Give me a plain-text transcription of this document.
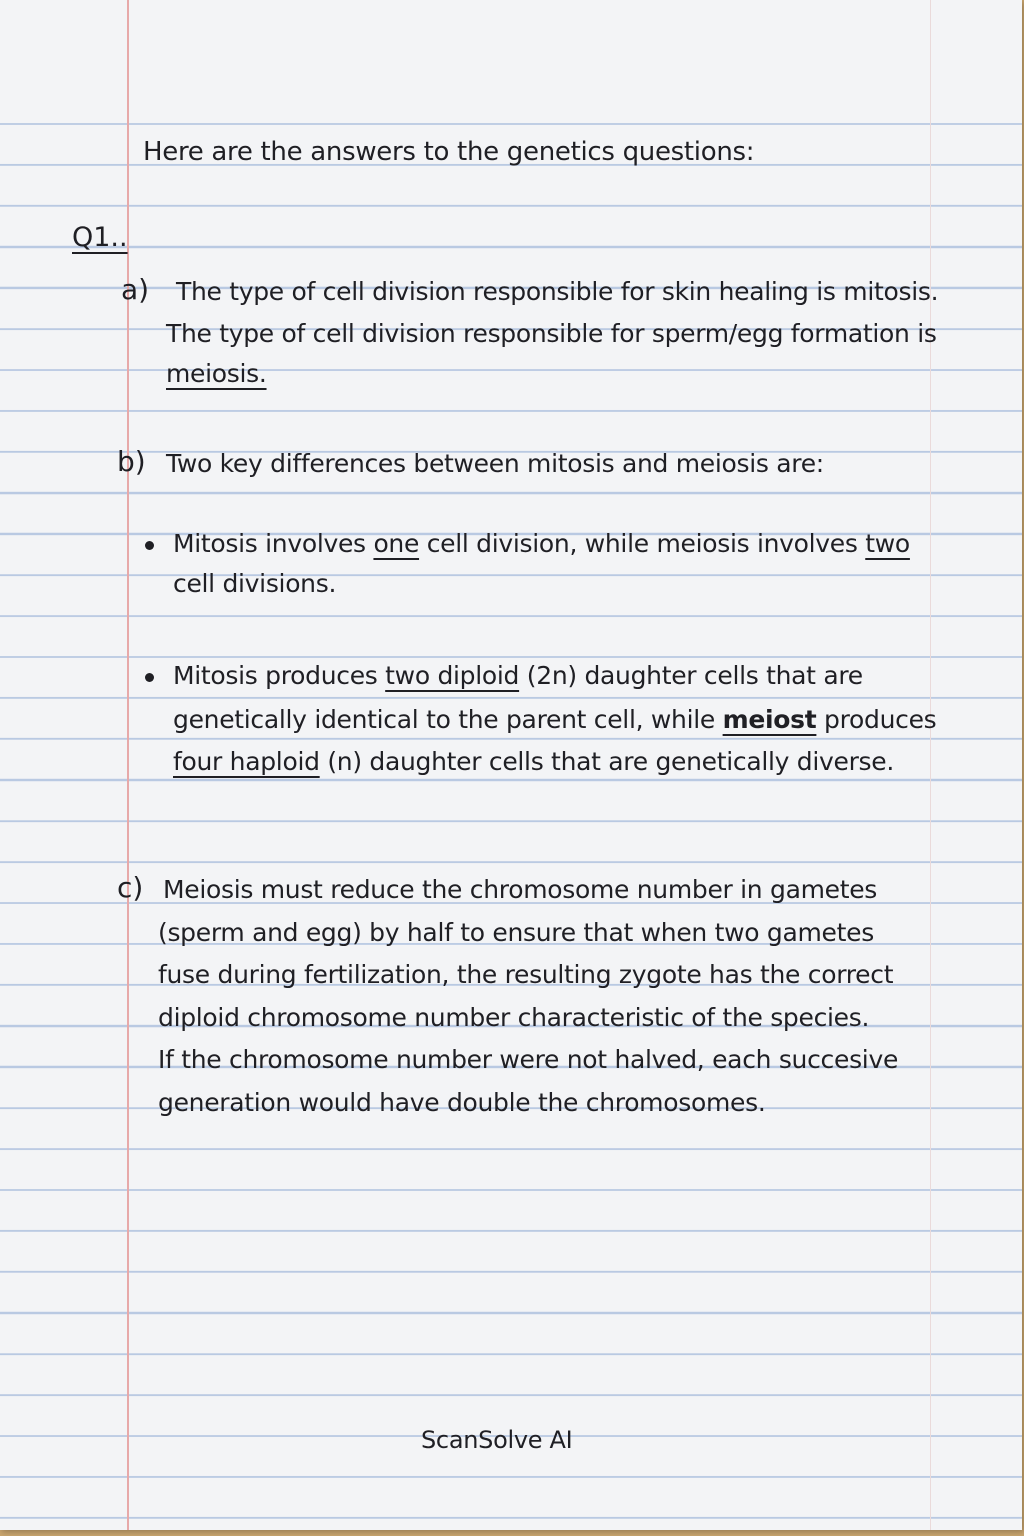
Here are the answers to the genetics questions:
Q1..
a) The type of cell division responsible for skin healing is mitosis.
The type of cell division responsible for sperm/egg formation is
meiosis.
b) Two key differences between mitosis and meiosis are:
Mitosis involves one cell division, while meiosis involves two
cell divisions.
Mitosis produces two diploid (2n) daughter cells that are
genetically identical to the parent cell, while meiost produces
four haploid (n) daughter cells that are genetically diverse.
c) Meiosis must reduce the chromosome number in gametes
(sperm and egg) by half to ensure that when two gametes
fuse during fertilization, the resulting zygote has the correct
diploid chromosome number characteristic of the species.
If the chromosome number were not halved, each succesive
generation would have double the chromosomes.
ScanSolve AI
